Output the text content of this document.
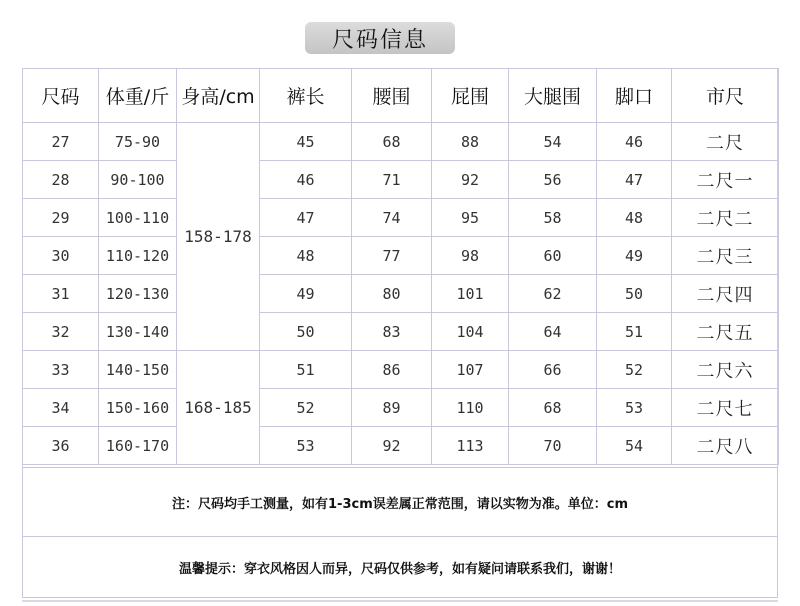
尺码信息
尺码	体重/斤	身高/cm	裤长	腰围	屁围	大腿围	脚口	市尺
27	75-90	158-178	45	68	88	54	46	二尺
28	90-100		46	71	92	56	47	二尺一
29	100-110		47	74	95	58	48	二尺二
30	110-120		48	77	98	60	49	二尺三
31	120-130		49	80	101	62	50	二尺四
32	130-140		50	83	104	64	51	二尺五
33	140-150	168-185	51	86	107	66	52	二尺六
34	150-160		52	89	110	68	53	二尺七
36	160-170		53	92	113	70	54	二尺八
注：尺码均手工测量，如有1-3cm误差属正常范围，请以实物为准。单位：cm
温馨提示：穿衣风格因人而异，尺码仅供参考，如有疑问请联系我们，谢谢！
